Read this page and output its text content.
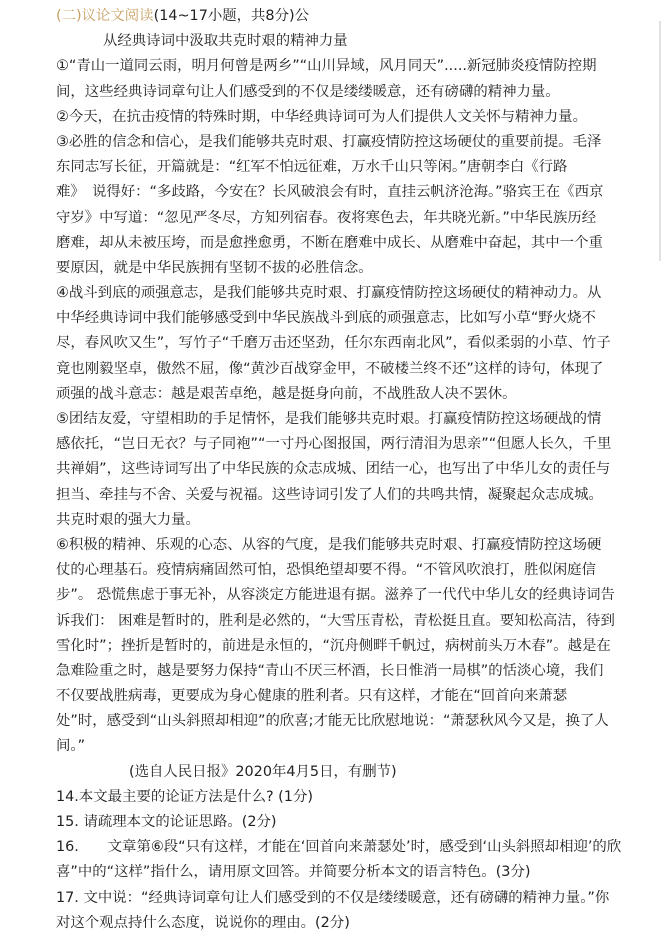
(二)议论文阅读(14~17小题，共8分)公
从经典诗词中汲取共克时艰的精神力量
①“青山一道同云雨，明月何曾是两乡”“山川异域，风月同天”.....新冠肺炎疫情防控期
间，这些经典诗词章句让人们感受到的不仅是缕缕暖意，还有磅礴的精神力量。
②今天，在抗击疫情的特殊时期，中华经典诗词可为人们提供人文关怀与精神力量。
③必胜的信念和信心，是我们能够共克时艰、打赢疫情防控这场硬仗的重要前提。毛泽
东同志写长征，开篇就是：“红军不怕远征难，万水千山只等闲。”唐朝李白《行路
难》　说得好：“多歧路，今安在？长风破浪会有时，直挂云帆济沧海。”骆宾王在《西京
守岁》中写道：“忽见严冬尽，方知列宿春。夜将寒色去，年共晓光新。”中华民族历经
磨难，却从未被压垮，而是愈挫愈勇，不断在磨难中成长、从磨难中奋起，其中一个重
要原因，就是中华民族拥有坚韧不拔的必胜信念。
④战斗到底的顽强意志，是我们能够共克时艰、打赢疫情防控这场硬仗的精神动力。从
中华经典诗词中我们能够感受到中华民族战斗到底的顽强意志，比如写小草“野火烧不
尽，春风吹又生”，写竹子“千磨万击还坚劲，任尔东西南北风”，看似柔弱的小草、竹子
竟也刚毅坚卓，傲然不屈，像“黄沙百战穿金甲，不破楼兰终不还”这样的诗句，体现了
顽强的战斗意志：越是艰苦卓绝，越是挺身向前，不战胜敌人决不罢休。
⑤团结友爱，守望相助的手足情怀，是我们能够共克时艰。打赢疫情防控这场硬战的情
感依托，“岂日无衣？与子同袍”“一寸丹心图报国，两行清泪为思亲”“但愿人长久，千里
共禅娟”，这些诗词写出了中华民族的众志成城、团结一心，也写出了中华儿女的责任与
担当、牵挂与不舍、关爱与祝福。这些诗词引发了人们的共鸣共情，凝聚起众志成城。
共克时艰的强大力量。
⑥积极的精神、乐观的心态、从容的气度，是我们能够共克时艰、打赢疫情防控这场硬
仗的心理基石。疫情病痛固然可怕，恐惧绝望却要不得。“不管风吹浪打，胜似闲庭信
步”。 恐慌焦虑于事无补，从容淡定方能进退有据。滋养了一代代中华儿女的经典诗词告
诉我们： 困难是暂时的，胜利是必然的，“大雪压青松，青松挺且直。要知松高洁，待到
雪化时”；挫折是暂时的，前进是永恒的，“沉舟侧畔千帆过，病树前头万木春”。越是在
急难险重之时，越是要努力保持“青山不厌三杯酒，长日惟消一局棋”的恬淡心境，我们
不仅要战胜病毒，更要成为身心健康的胜利者。只有这样，才能在“回首向来萧瑟
处”时，感受到“山头斜照却相迎”的欣喜;才能无比欣慰地说：“萧瑟秋风今又是，换了人
间。”
(选自人民日报》2020年4月5日，有删节)
14.本文最主要的论证方法是什么? (1分)
15. 请疏理本文的论证思路。(2分)
16.　　文章第⑥段“只有这样，才能在‘回首向来萧瑟处’时，感受到‘山头斜照却相迎’的欣
喜”中的“这样”指什么，请用原文回答。并简要分析本文的语言特色。(3分)
17. 文中说：“经典诗词章句让人们感受到的不仅是缕缕暖意，还有磅礴的精神力量。”你
对这个观点持什么态度，说说你的理由。(2分)
